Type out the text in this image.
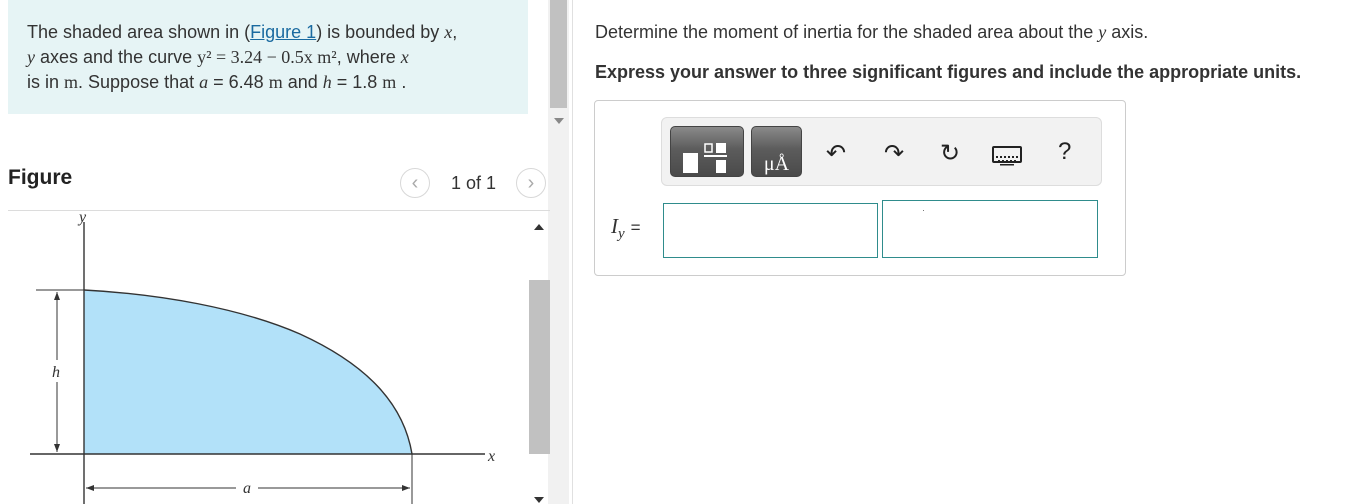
The shaded area shown in (Figure 1) is bounded by x,
y axes and the curve y² = 3.24 − 0.5x m², where x
is in m. Suppose that a = 6.48 m and h = 1.8 m .
Figure	‹ 1 of 1 ›
y
x
h
a
Determine the moment of inertia for the shaded area about the y axis.
Express your answer to three significant figures and include the appropriate units.
μÅ	↶ ↷ ↻	?
$I_y$ =
